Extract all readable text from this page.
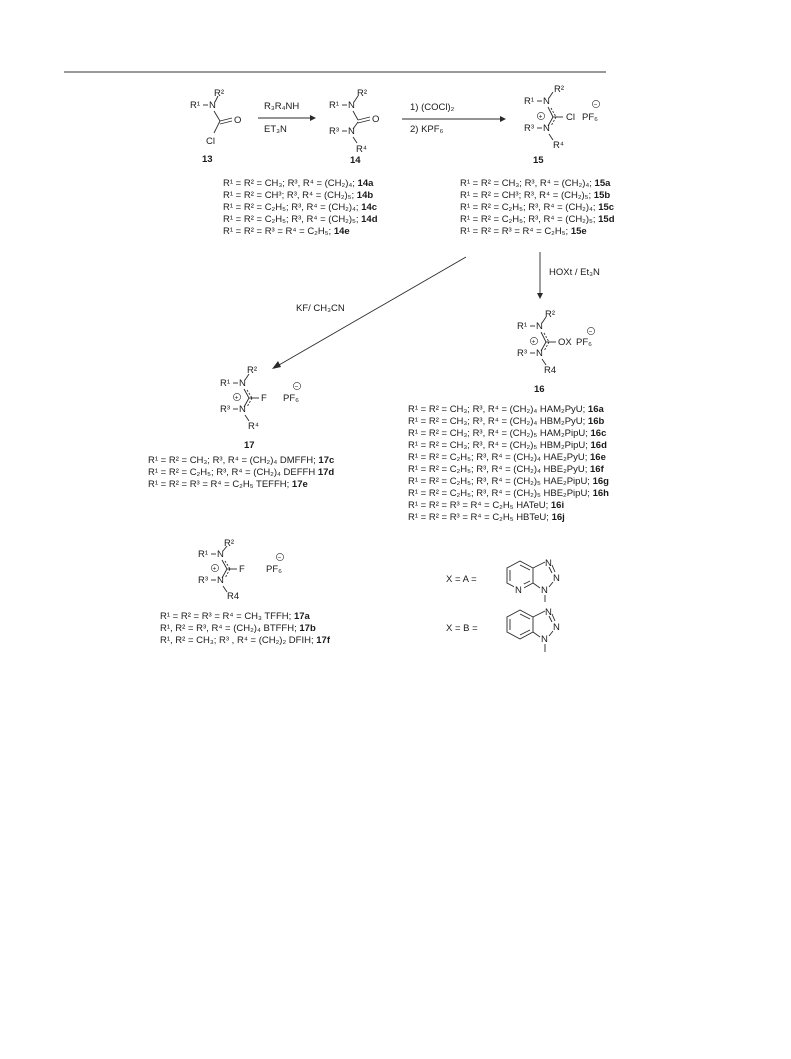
R²
R¹ N
O
Cl
13
R₃R₄NH
ET₃N
R²
R¹ N
O
R³ N
R⁴
14
1) (COCl)₂
2) KPF₆
R²
R¹ N
+ Cl
R³ N
R⁴
PF₆
−
15
R¹ = R² = CH₃; R³, R⁴ = (CH₂)₄; 14a
R¹ = R² = CH³; R³, R⁴ = (CH₂)₅; 14b
R¹ = R² = C₂H₅; R³, R⁴ = (CH₂)₄; 14c
R¹ = R² = C₂H₅; R³, R⁴ = (CH₂)₅; 14d
R¹ = R² = R³ = R⁴ = C₂H₅; 14e
R¹ = R² = CH₃; R³, R⁴ = (CH₂)₄; 15a
R¹ = R² = CH³; R³, R⁴ = (CH₂)₅; 15b
R¹ = R² = C₂H₅; R³, R⁴ = (CH₂)₄; 15c
R¹ = R² = C₂H₅; R³, R⁴ = (CH₂)₅; 15d
R¹ = R² = R³ = R⁴ = C₂H₅; 15e
HOXt / Et₃N
KF/ CH₃CN
R²
R¹ N
+ OX PF₆
−
R³ N
R4
16
R²
R¹ N
+ F
R³ N
R⁴
PF₆
−
17
R¹ = R² = CH₃; R³, R⁴ = (CH₂)₄ DMFFH; 17c
R¹ = R² = C₂H₅; R³, R⁴ = (CH₂)₄ DEFFH 17d
R¹ = R² = R³ = R⁴ = C₂H₅ TEFFH; 17e
R¹ = R² = CH₃; R³, R⁴ = (CH₂)₄ HAM₂PyU; 16a
R¹ = R² = CH₃; R³, R⁴ = (CH₂)₄ HBM₂PyU; 16b
R¹ = R² = CH₃; R³, R⁴ = (CH₂)₅ HAM₂PipU; 16c
R¹ = R² = CH₃; R³, R⁴ = (CH₂)₅ HBM₂PipU; 16d
R¹ = R² = C₂H₅; R³, R⁴ = (CH₂)₄ HAE₂PyU; 16e
R¹ = R² = C₂H₅; R³, R⁴ = (CH₂)₄ HBE₂PyU; 16f
R¹ = R² = C₂H₅; R³, R⁴ = (CH₂)₅ HAE₂PipU; 16g
R¹ = R² = C₂H₅; R³, R⁴ = (CH₂)₅ HBE₂PipU; 16h
R¹ = R² = R³ = R⁴ = C₂H₅ HATeU; 16i
R¹ = R² = R³ = R⁴ = C₂H₅ HBTeU; 16j
R²
R¹ N
+ F
R³ N
R4
PF₆
−
R¹ = R² = R³ = R⁴ = CH₃ TFFH; 17a
R¹, R² = R³, R⁴ = (CH₂)₄ BTFFH; 17b
R¹, R² = CH₃; R³ , R⁴ = (CH₂)₂ DFIH; 17f
X = A =
N
N
N
N
X = B =
N
N
N
